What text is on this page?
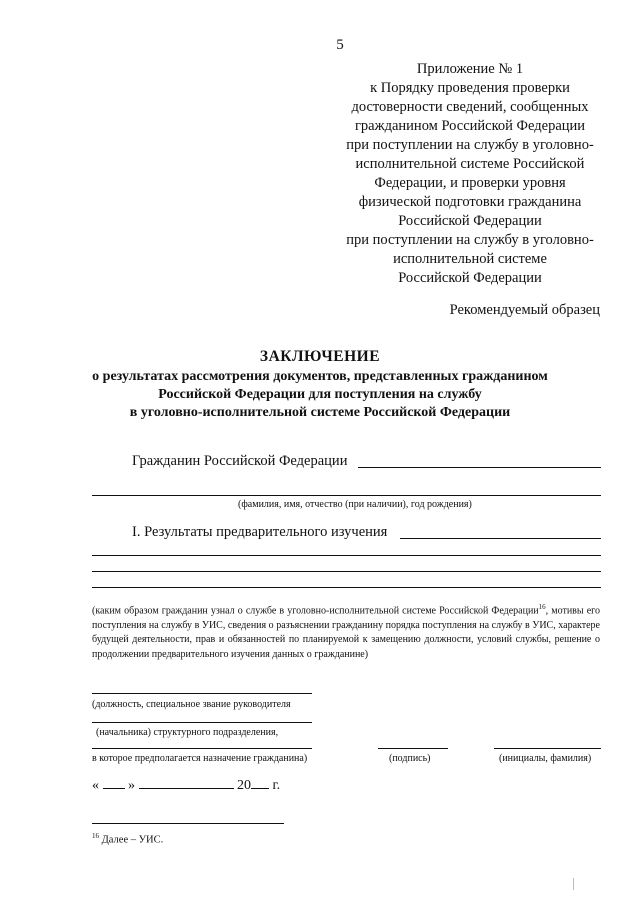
5
Приложение № 1
к Порядку проведения проверки
достоверности сведений, сообщенных
гражданином Российской Федерации
при поступлении на службу в уголовно-
исполнительной системе Российской
Федерации, и проверки уровня
физической подготовки гражданина
Российской Федерации
при поступлении на службу в уголовно-
исполнительной системе
Российской Федерации
Рекомендуемый образец
ЗАКЛЮЧЕНИЕ
о результатах рассмотрения документов, представленных гражданином
Российской Федерации для поступления на службу
в уголовно-исполнительной системе Российской Федерации
Гражданин Российской Федерации
(фамилия, имя, отчество (при наличии), год рождения)
I. Результаты предварительного изучения
(каким образом гражданин узнал о службе в уголовно-исполнительной системе Российской Федерации$^{16}$, мотивы его поступления на службу в УИС, сведения о разъяснении гражданину порядка поступления на службу в УИС, характере будущей деятельности, прав и обязанностей по планируемой к замещению должности, условий службы, решение о продолжении предварительного изучения данных о гражданине)
(должность, специальное звание руководителя
(начальника) структурного подразделения,
в которое предполагается назначение гражданина)	(подпись)	(инициалы, фамилия)
« »	20 г.
$^{16}$ Далее – УИС.
